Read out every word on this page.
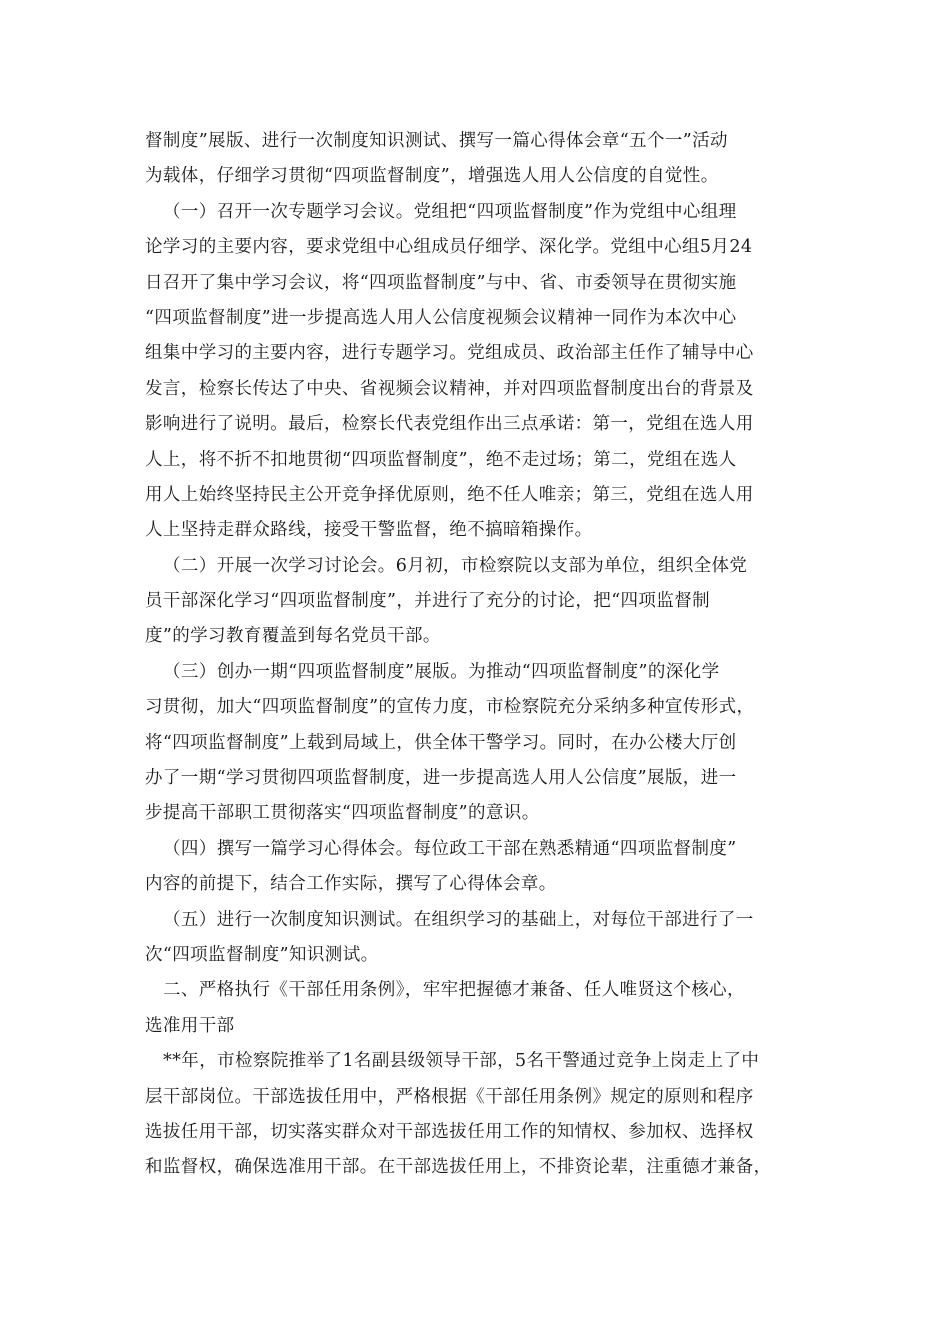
督制度”展版、进行一次制度知识测试、撰写一篇心得体会章“五个一”活动
为载体，仔细学习贯彻“四项监督制度”，增强选人用人公信度的自觉性。
（一）召开一次专题学习会议。党组把“四项监督制度”作为党组中心组理
论学习的主要内容，要求党组中心组成员仔细学、深化学。党组中心组5月24
日召开了集中学习会议，将“四项监督制度”与中、省、市委领导在贯彻实施
“四项监督制度”进一步提高选人用人公信度视频会议精神一同作为本次中心
组集中学习的主要内容，进行专题学习。党组成员、政治部主任作了辅导中心
发言，检察长传达了中央、省视频会议精神，并对四项监督制度出台的背景及
影响进行了说明。最后，检察长代表党组作出三点承诺：第一，党组在选人用
人上，将不折不扣地贯彻“四项监督制度”，绝不走过场；第二，党组在选人
用人上始终坚持民主公开竞争择优原则，绝不任人唯亲；第三，党组在选人用
人上坚持走群众路线，接受干警监督，绝不搞暗箱操作。
（二）开展一次学习讨论会。6月初，市检察院以支部为单位，组织全体党
员干部深化学习“四项监督制度”，并进行了充分的讨论，把“四项监督制
度”的学习教育覆盖到每名党员干部。
（三）创办一期“四项监督制度”展版。为推动“四项监督制度”的深化学
习贯彻，加大“四项监督制度”的宣传力度，市检察院充分采纳多种宣传形式，
将“四项监督制度”上载到局域上，供全体干警学习。同时，在办公楼大厅创
办了一期“学习贯彻四项监督制度，进一步提高选人用人公信度”展版，进一
步提高干部职工贯彻落实“四项监督制度”的意识。
（四）撰写一篇学习心得体会。每位政工干部在熟悉精通“四项监督制度”
内容的前提下，结合工作实际，撰写了心得体会章。
（五）进行一次制度知识测试。在组织学习的基础上，对每位干部进行了一
次“四项监督制度”知识测试。
二、严格执行《干部任用条例》，牢牢把握德才兼备、任人唯贤这个核心，
选准用干部
**年，市检察院推举了1名副县级领导干部，5名干警通过竞争上岗走上了中
层干部岗位。干部选拔任用中，严格根据《干部任用条例》规定的原则和程序
选拔任用干部，切实落实群众对干部选拔任用工作的知情权、参加权、选择权
和监督权，确保选准用干部。在干部选拔任用上，不排资论辈，注重德才兼备，
